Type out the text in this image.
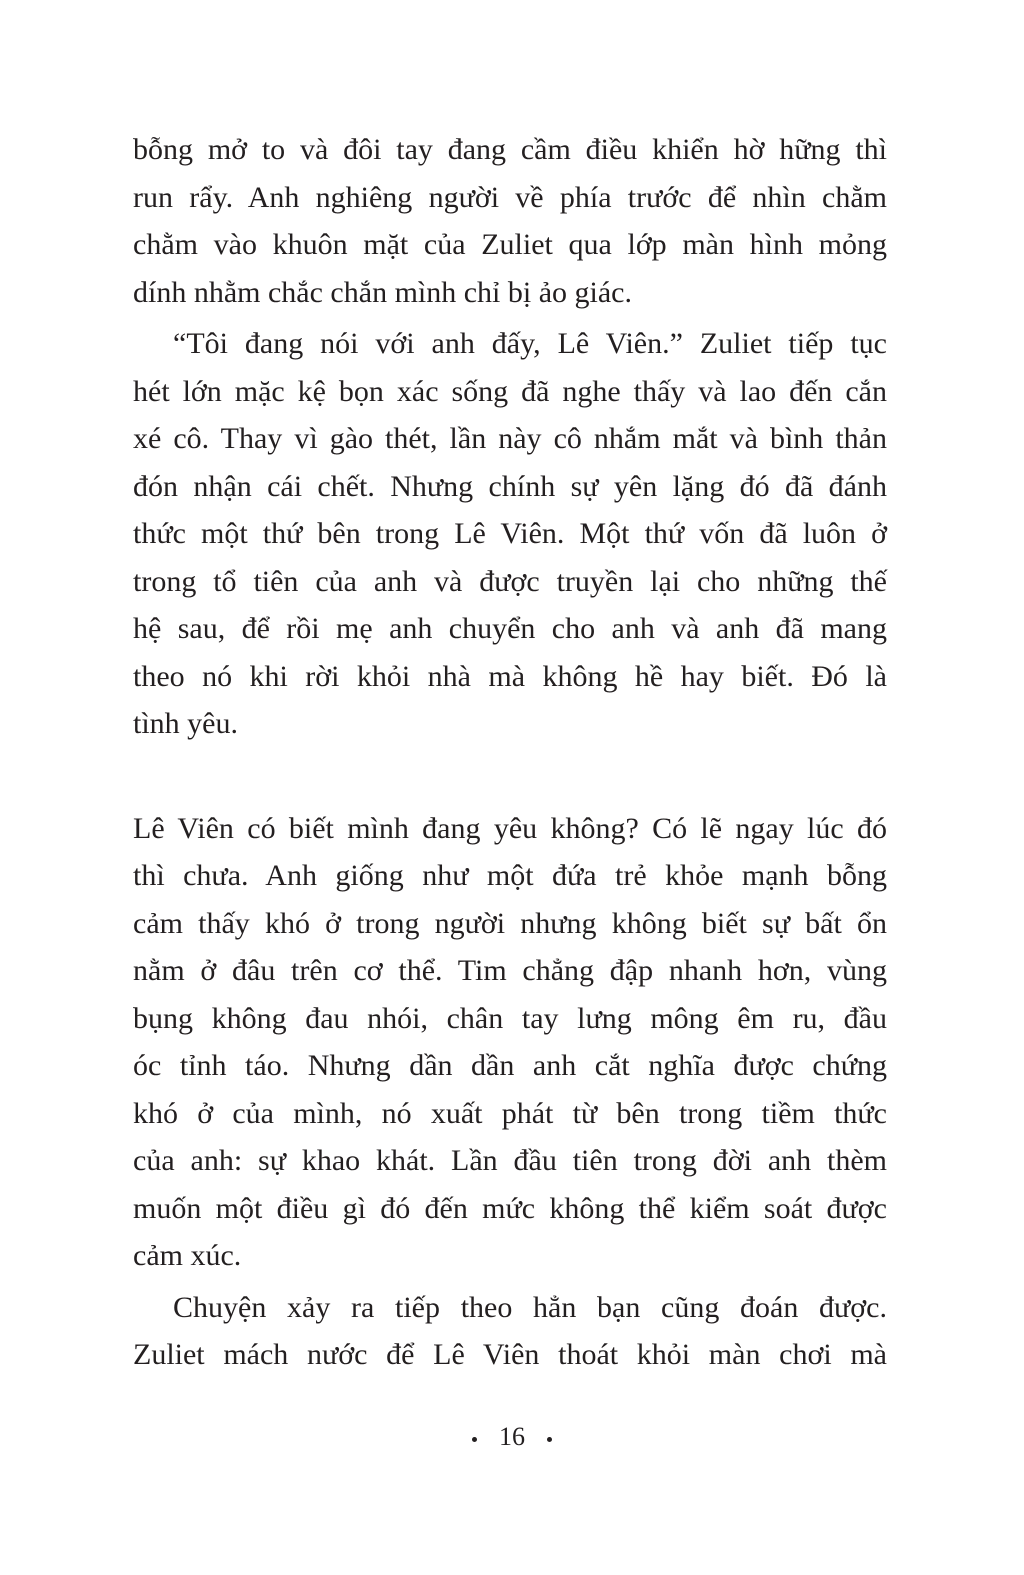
bỗng mở to và đôi tay đang cầm điều khiển hờ hững thì
run rẩy. Anh nghiêng người về phía trước để nhìn chằm
chằm vào khuôn mặt của Zuliet qua lớp màn hình mỏng
dính nhằm chắc chắn mình chỉ bị ảo giác.
“Tôi đang nói với anh đấy, Lê Viên.” Zuliet tiếp tục
hét lớn mặc kệ bọn xác sống đã nghe thấy và lao đến cắn
xé cô. Thay vì gào thét, lần này cô nhắm mắt và bình thản
đón nhận cái chết. Nhưng chính sự yên lặng đó đã đánh
thức một thứ bên trong Lê Viên. Một thứ vốn đã luôn ở
trong tổ tiên của anh và được truyền lại cho những thế
hệ sau, để rồi mẹ anh chuyển cho anh và anh đã mang
theo nó khi rời khỏi nhà mà không hề hay biết. Đó là
tình yêu.
Lê Viên có biết mình đang yêu không? Có lẽ ngay lúc đó
thì chưa. Anh giống như một đứa trẻ khỏe mạnh bỗng
cảm thấy khó ở trong người nhưng không biết sự bất ổn
nằm ở đâu trên cơ thể. Tim chẳng đập nhanh hơn, vùng
bụng không đau nhói, chân tay lưng mông êm ru, đầu
óc tỉnh táo. Nhưng dần dần anh cắt nghĩa được chứng
khó ở của mình, nó xuất phát từ bên trong tiềm thức
của anh: sự khao khát. Lần đầu tiên trong đời anh thèm
muốn một điều gì đó đến mức không thể kiểm soát được
cảm xúc.
Chuyện xảy ra tiếp theo hẳn bạn cũng đoán được.
Zuliet mách nước để Lê Viên thoát khỏi màn chơi mà
16
